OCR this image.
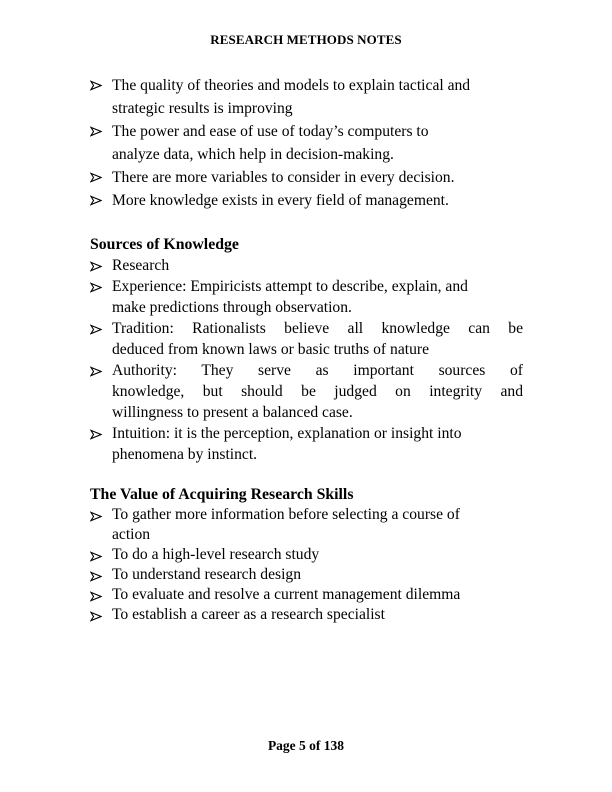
RESEARCH METHODS NOTES
The quality of theories and models to explain tactical and
strategic results is improving
The power and ease of use of today’s computers to
analyze data, which help in decision-making.
There are more variables to consider in every decision.
More knowledge exists in every field of management.
Sources of Knowledge
Research
Experience: Empiricists attempt to describe, explain, and
make predictions through observation.
Tradition: Rationalists believe all knowledge can be
deduced from known laws or basic truths of nature
Authority: They serve as important sources of
knowledge, but should be judged on integrity and
willingness to present a balanced case.
Intuition: it is the perception, explanation or insight into
phenomena by instinct.
The Value of Acquiring Research Skills
To gather more information before selecting a course of
action
To do a high-level research study
To understand research design
To evaluate and resolve a current management dilemma
To establish a career as a research specialist
Page 5 of 138
